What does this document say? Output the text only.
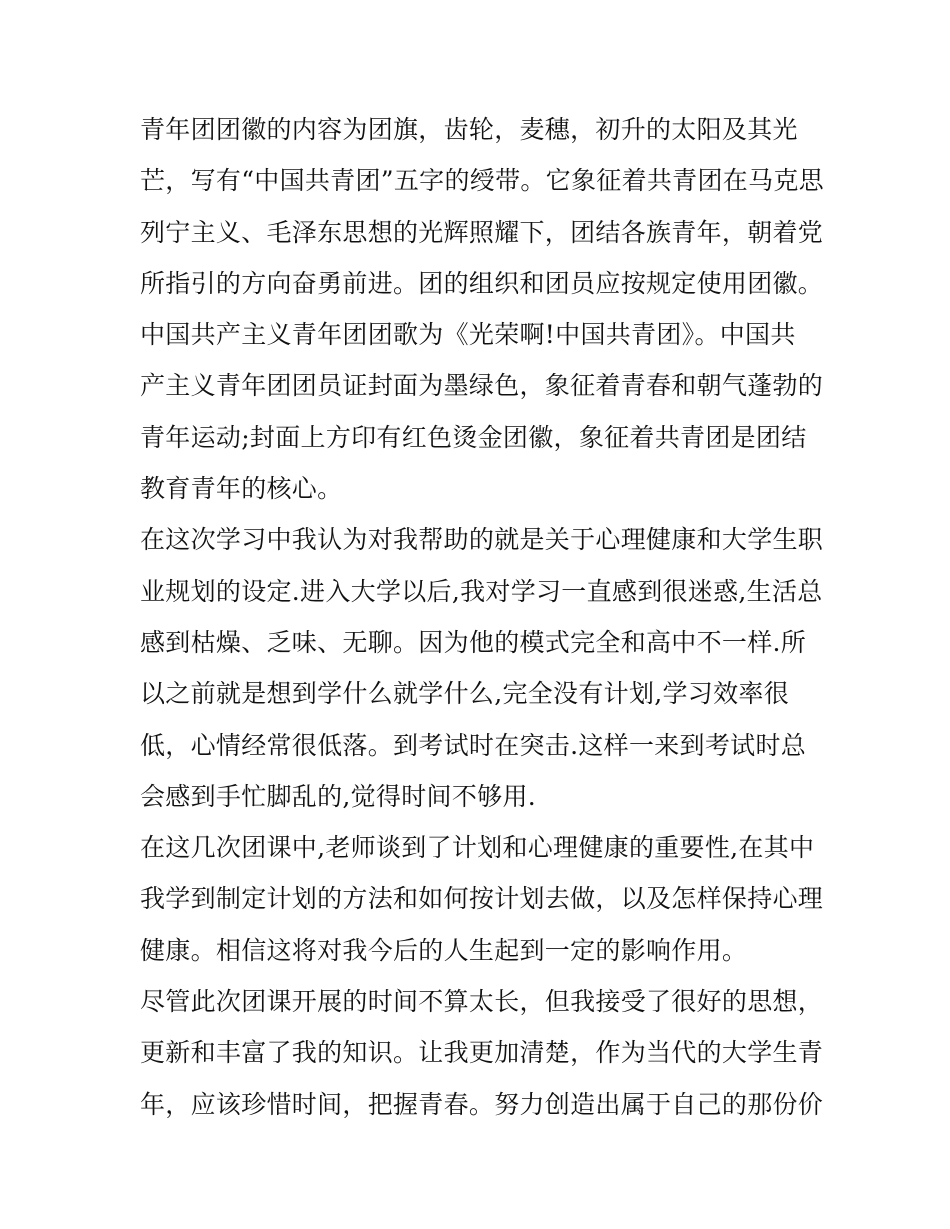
青年团团徽的内容为团旗，齿轮，麦穗，初升的太阳及其光
芒，写有“中国共青团”五字的绶带。它象征着共青团在马克思
列宁主义、毛泽东思想的光辉照耀下，团结各族青年，朝着党
所指引的方向奋勇前进。团的组织和团员应按规定使用团徽。
中国共产主义青年团团歌为《光荣啊!中国共青团》。中国共
产主义青年团团员证封面为墨绿色，象征着青春和朝气蓬勃的
青年运动;封面上方印有红色烫金团徽，象征着共青团是团结
教育青年的核心。
在这次学习中我认为对我帮助的就是关于心理健康和大学生职
业规划的设定.进入大学以后,我对学习一直感到很迷惑,生活总
感到枯燥、乏味、无聊。因为他的模式完全和高中不一样.所
以之前就是想到学什么就学什么,完全没有计划,学习效率很
低，心情经常很低落。到考试时在突击.这样一来到考试时总
会感到手忙脚乱的,觉得时间不够用.
在这几次团课中,老师谈到了计划和心理健康的重要性,在其中
我学到制定计划的方法和如何按计划去做，以及怎样保持心理
健康。相信这将对我今后的人生起到一定的影响作用。
尽管此次团课开展的时间不算太长，但我接受了很好的思想，
更新和丰富了我的知识。让我更加清楚，作为当代的大学生青
年，应该珍惜时间，把握青春。努力创造出属于自己的那份价
